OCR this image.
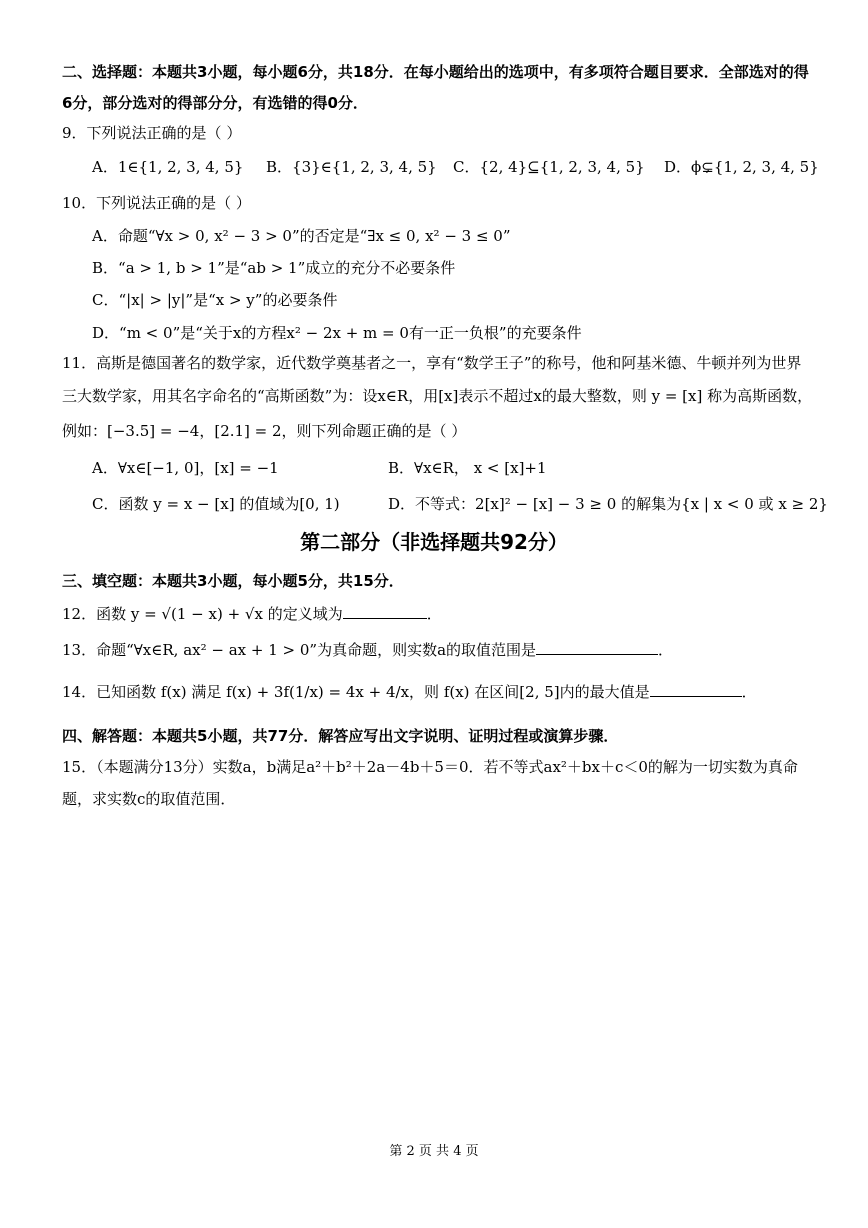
二、选择题：本题共3小题，每小题6分，共18分．在每小题给出的选项中，有多项符合题目要求．全部选对的得
6分，部分选对的得部分分，有选错的得0分．
9．下列说法正确的是（ ）
A．1∈{1, 2, 3, 4, 5} B．{3}∈{1, 2, 3, 4, 5} C．{2, 4}⊆{1, 2, 3, 4, 5} D．ϕ⊊{1, 2, 3, 4, 5}
10．下列说法正确的是（ ）
A．命题“∀x > 0, x² − 3 > 0”的否定是“∃x ≤ 0, x² − 3 ≤ 0”
B．“a > 1, b > 1”是“ab > 1”成立的充分不必要条件
C．“|x| > |y|”是“x > y”的必要条件
D．“m < 0”是“关于x的方程x² − 2x + m = 0有一正一负根”的充要条件
11．高斯是德国著名的数学家，近代数学奠基者之一，享有“数学王子”的称号，他和阿基米德、牛顿并列为世界
三大数学家，用其名字命名的“高斯函数”为：设x∈R，用[x]表示不超过x的最大整数，则 y = [x] 称为高斯函数，
例如：[−3.5] = −4，[2.1] = 2，则下列命题正确的是（ ）
A．∀x∈[−1, 0]，[x] = −1	B．∀x∈R， x < [x]+1
C．函数 y = x − [x] 的值域为[0, 1)	D．不等式：2[x]² − [x] − 3 ≥ 0 的解集为{x | x < 0 或 x ≥ 2}
第二部分（非选择题共92分）
三、填空题：本题共3小题，每小题5分，共15分．
12．函数 y = √(1 − x) + √x 的定义域为	．
13．命题“∀x∈R, ax² − ax + 1 > 0”为真命题，则实数a的取值范围是	．
14．已知函数 f(x) 满足 f(x) + 3f(1/x) = 4x + 4/x，则 f(x) 在区间[2, 5]内的最大值是	．
四、解答题：本题共5小题，共77分．解答应写出文字说明、证明过程或演算步骤．
15．（本题满分13分）实数a，b满足a²＋b²＋2a－4b＋5＝0．若不等式ax²＋bx＋c＜0的解为一切实数为真命
题，求实数c的取值范围．
第 2 页 共 4 页
